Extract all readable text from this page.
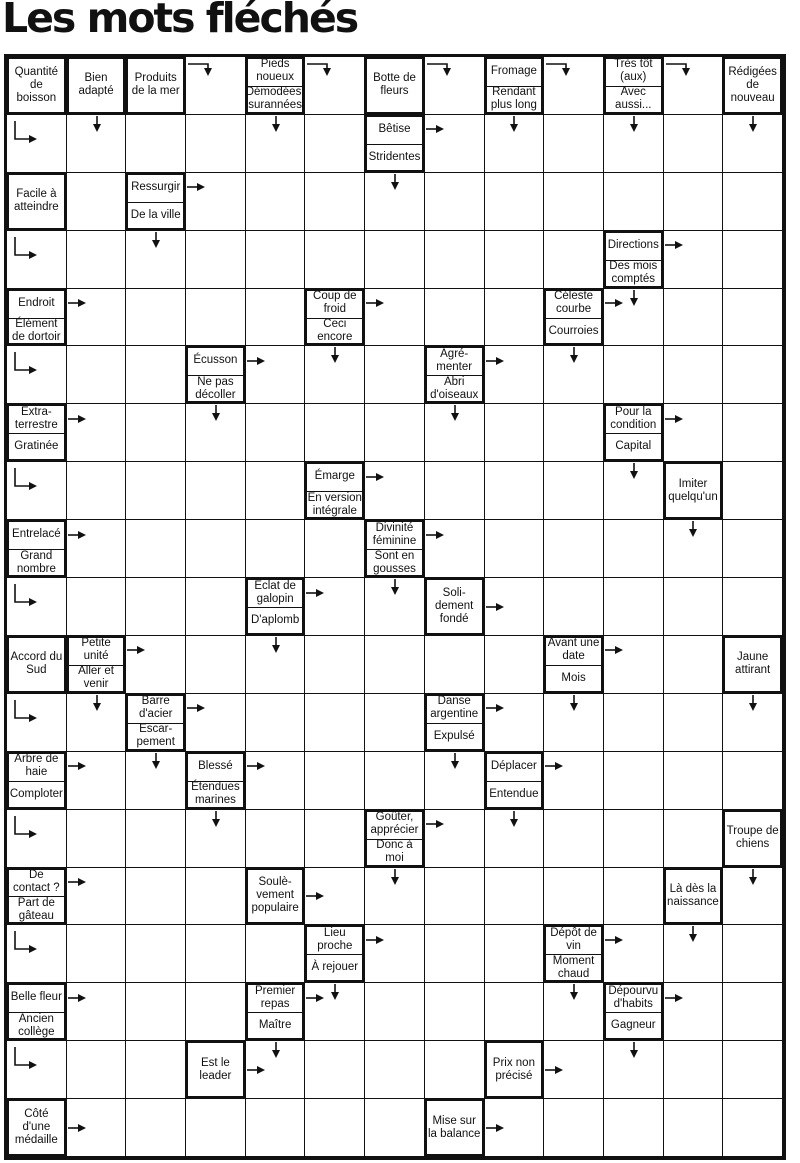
Les mots fléchés
Quantité de boisson
Bien adapté
Produits de la mer
Pieds noueux
Démodées, surannées
Botte de fleurs
Fromage
Rendant plus long
Très tôt (aux)
Avec aussi...
Rédigées de nouveau
Bêtise
Stridentes
Facile à atteindre
Ressurgir
De la ville
Directions
Des mois comptés
Endroit
Élément de dortoir
Coup de froid
Ceci encore
Céleste courbe
Courroies
Écusson
Ne pas décoller
Agré-menter
Abri d'oiseaux
Extra-terrestre
Gratinée
Pour la condition
Capital
Émarge
En version intégrale
Imiter quelqu'un
Entrelacé
Grand nombre
Divinité féminine
Sont en gousses
Éclat de galopin
D'aplomb
Soli-dement fondé
Accord du Sud
Petite unité
Aller et venir
Avant une date
Mois
Jaune attirant
Barre d'acier
Escar-pement
Danse argentine
Expulsé
Arbre de haie
Comploter
Blessé
Étendues marines
Déplacer
Entendue
Goûter, apprécier
Donc à moi
Troupe de chiens
De contact ?
Part de gâteau
Soulè-vement populaire
Là dès la naissance
Lieu proche
À rejouer
Dépôt de vin
Moment chaud
Belle fleur
Ancien collège
Premier repas
Maître
Dépourvu d'habits
Gagneur
Est le leader
Prix non précisé
Côté d'une médaille
Mise sur la balance
